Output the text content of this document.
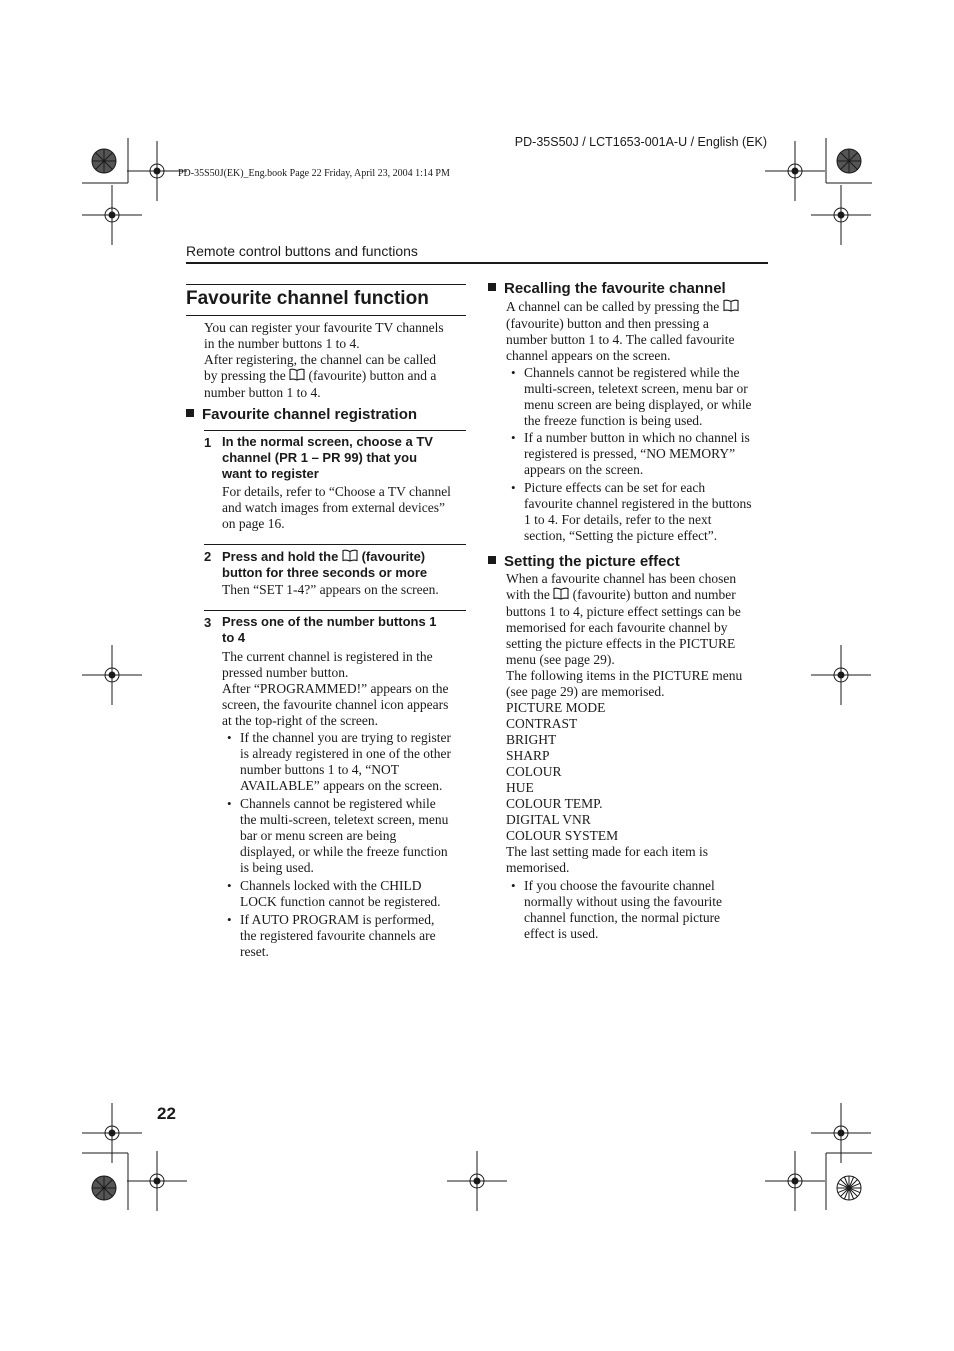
PD-35S50J / LCT1653-001A-U / English (EK)
PD-35S50J(EK)_Eng.book Page 22 Friday, April 23, 2004 1:14 PM
Remote control buttons and functions
Favourite channel function
You can register your favourite TV channels
in the number buttons 1 to 4.
After registering, the channel can be called
by pressing the (favourite) button and a
number button 1 to 4.
Favourite channel registration
1 In the normal screen, choose a TV
channel (PR 1 – PR 99) that you
want to register
For details, refer to “Choose a TV channel
and watch images from external devices”
on page 16.
2 Press and hold the (favourite)
button for three seconds or more
Then “SET 1-4?” appears on the screen.
3 Press one of the number buttons 1
to 4
The current channel is registered in the
pressed number button.
After “PROGRAMMED!” appears on the
screen, the favourite channel icon appears
at the top-right of the screen.
• If the channel you are trying to register
is already registered in one of the other
number buttons 1 to 4, “NOT
AVAILABLE” appears on the screen.
• Channels cannot be registered while
the multi-screen, teletext screen, menu
bar or menu screen are being
displayed, or while the freeze function
is being used.
• Channels locked with the CHILD
LOCK function cannot be registered.
• If AUTO PROGRAM is performed,
the registered favourite channels are
reset.
Recalling the favourite channel
A channel can be called by pressing the
(favourite) button and then pressing a
number button 1 to 4. The called favourite
channel appears on the screen.
• Channels cannot be registered while the
multi-screen, teletext screen, menu bar or
menu screen are being displayed, or while
the freeze function is being used.
• If a number button in which no channel is
registered is pressed, “NO MEMORY”
appears on the screen.
• Picture effects can be set for each
favourite channel registered in the buttons
1 to 4. For details, refer to the next
section, “Setting the picture effect”.
Setting the picture effect
When a favourite channel has been chosen
with the (favourite) button and number
buttons 1 to 4, picture effect settings can be
memorised for each favourite channel by
setting the picture effects in the PICTURE
menu (see page 29).
The following items in the PICTURE menu
(see page 29) are memorised.
PICTURE MODE
CONTRAST
BRIGHT
SHARP
COLOUR
HUE
COLOUR TEMP.
DIGITAL VNR
COLOUR SYSTEM
The last setting made for each item is
memorised.
• If you choose the favourite channel
normally without using the favourite
channel function, the normal picture
effect is used.
22
